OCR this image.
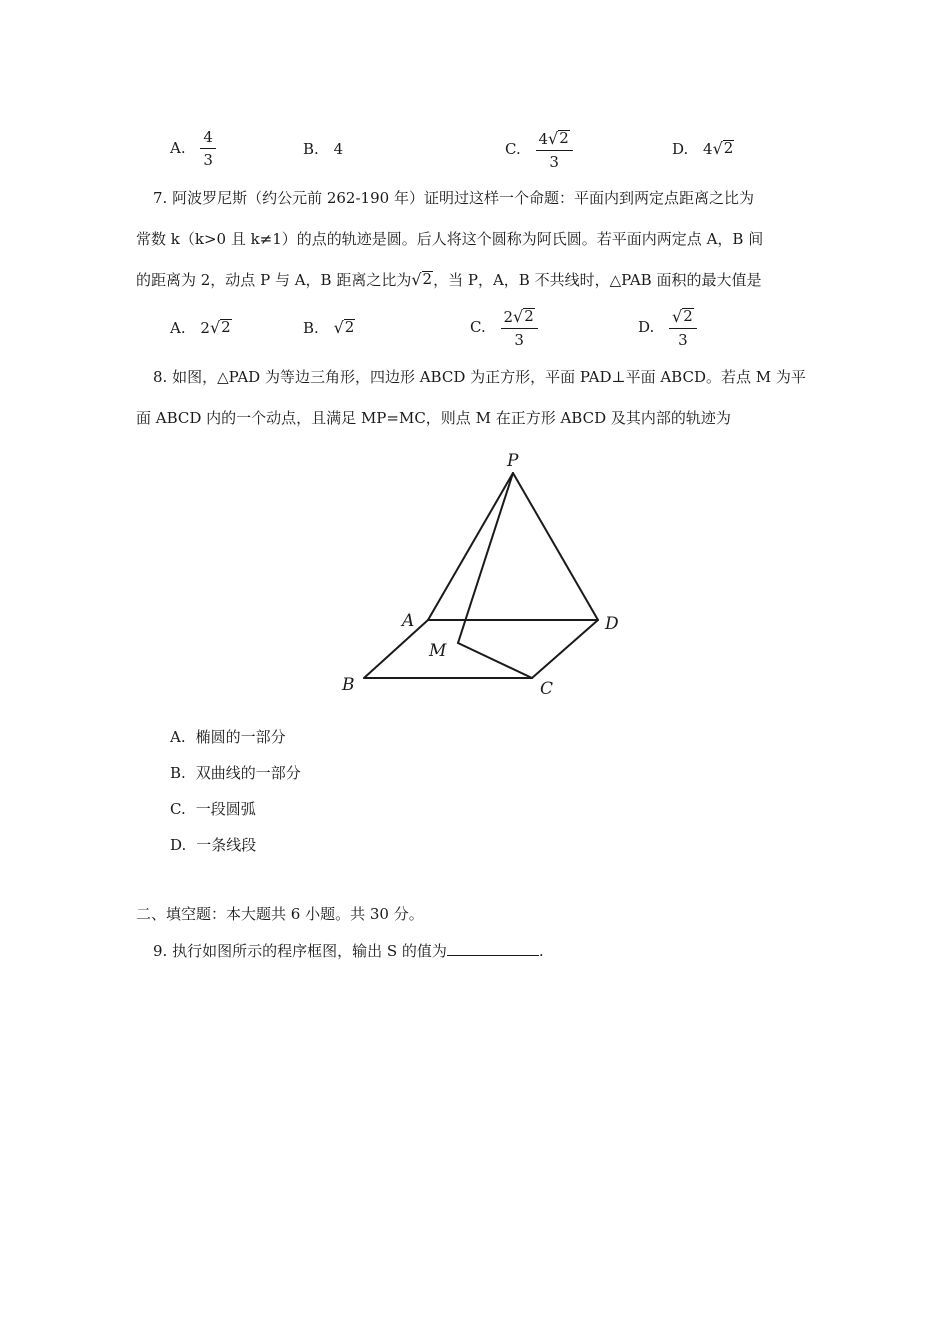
A. $\frac{4}{3}$	B. 4	C. $\frac{4 √ 2}{3}$	D. 4 √ 2
7. 阿波罗尼斯（约公元前 262-190 年）证明过这样一个命题：平面内到两定点距离之比为
常数 k（k>0 且 k≠1）的点的轨迹是圆。后人将这个圆称为阿氏圆。若平面内两定点 A，B 间
的距离为 2，动点 P 与 A，B 距离之比为 √ 2 ，当 P，A，B 不共线时，△PAB 面积的最大值是
A. 2 √ 2	B. √ 2	C. $\frac{2 √ 2}{3}$	D. $\frac{√ 2}{3}$
8. 如图，△PAD 为等边三角形，四边形 ABCD 为正方形，平面 PAD⊥平面 ABCD。若点 M 为平
面 ABCD 内的一个动点，且满足 MP=MC，则点 M 在正方形 ABCD 及其内部的轨迹为
P
A	D
M
B	C
A. 椭圆的一部分
B. 双曲线的一部分
C. 一段圆弧
D. 一条线段
二、填空题：本大题共 6 小题。共 30 分。
9. 执行如图所示的程序框图，输出 S 的值为	.
